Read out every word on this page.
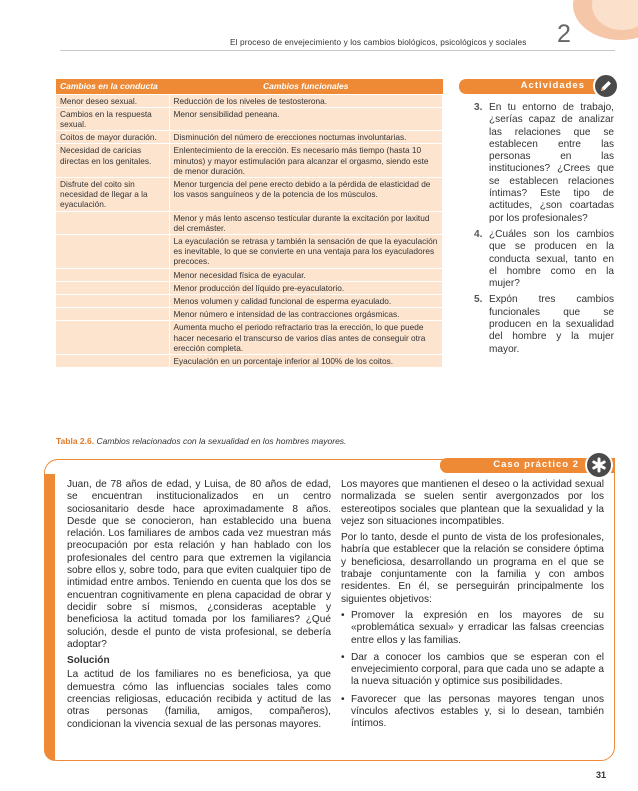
El proceso de envejecimiento y los cambios biológicos, psicológicos y sociales 2
Cambios en la conducta	Cambios funcionales
Menor deseo sexual.	Reducción de los niveles de testosterona.
Cambios en la respuesta sexual.	Menor sensibilidad peneana.
Coitos de mayor duración.	Disminución del número de erecciones nocturnas involuntarias.
Necesidad de caricias directas en los genitales.	Enlentecimiento de la erección. Es necesario más tiempo (hasta 10 minutos) y mayor estimulación para alcanzar el orgasmo, siendo este de menor duración.
Disfrute del coito sin necesidad de llegar a la eyaculación.	Menor turgencia del pene erecto debido a la pérdida de elasticidad de los vasos sanguíneos y de la potencia de los músculos.
	Menor y más lento ascenso testicular durante la excitación por laxitud del cremáster.
	La eyaculación se retrasa y también la sensación de que la eyaculación es inevitable, lo que se convierte en una ventaja para los eyaculadores precoces.
	Menor necesidad física de eyacular.
	Menor producción del líquido pre-eyaculatorio.
	Menos volumen y calidad funcional de esperma eyaculado.
	Menor número e intensidad de las contracciones orgásmicas.
	Aumenta mucho el periodo refractario tras la erección, lo que puede hacer necesario el transcurso de varios días antes de conseguir otra erección completa.
	Eyaculación en un porcentaje inferior al 100% de los coitos.
Tabla 2.6. Cambios relacionados con la sexualidad en los hombres mayores.
Actividades
3. En tu entorno de trabajo, ¿serías capaz de analizar las relaciones que se establecen entre las personas en las instituciones? ¿Crees que se establecen relaciones íntimas? Este tipo de actitudes, ¿son coartadas por los profesionales?
4. ¿Cuáles son los cambios que se producen en la conducta sexual, tanto en el hombre como en la mujer?
5. Expón tres cambios funcionales que se producen en la sexualidad del hombre y la mujer mayor.
Caso práctico 2

Juan, de 78 años de edad, y Luisa, de 80 años de edad, se encuentran institucionalizados en un centro sociosanitario desde hace aproximadamente 8 años. Desde que se conocieron, han establecido una buena relación. Los familiares de ambos cada vez muestran más preocupación por esta relación y han hablado con los profesionales del centro para que extremen la vigilancia sobre ellos y, sobre todo, para que eviten cualquier tipo de intimidad entre ambos. Teniendo en cuenta que los dos se encuentran cognitivamente en plena capacidad de obrar y decidir sobre sí mismos, ¿consideras aceptable y beneficiosa la actitud tomada por los familiares? ¿Qué solución, desde el punto de vista profesional, se debería adoptar?

Solución

La actitud de los familiares no es beneficiosa, ya que demuestra cómo las influencias sociales tales como creencias religiosas, educación recibida y actitud de las otras personas (familia, amigos, compañeros), condicionan la vivencia sexual de las personas mayores.

Los mayores que mantienen el deseo o la actividad sexual normalizada se suelen sentir avergonzados por los estereotipos sociales que plantean que la sexualidad y la vejez son situaciones incompatibles.

Por lo tanto, desde el punto de vista de los profesionales, habría que establecer que la relación se considere óptima y beneficiosa, desarrollando un programa en el que se trabaje conjuntamente con la familia y con ambos residentes. En él, se perseguirán principalmente los siguientes objetivos:

• Promover la expresión en los mayores de su «problemática sexual» y erradicar las falsas creencias entre ellos y las familias.
• Dar a conocer los cambios que se esperan con el envejecimiento corporal, para que cada uno se adapte a la nueva situación y optimice sus posibilidades.
• Favorecer que las personas mayores tengan unos vínculos afectivos estables y, si lo desean, también íntimos.
31
